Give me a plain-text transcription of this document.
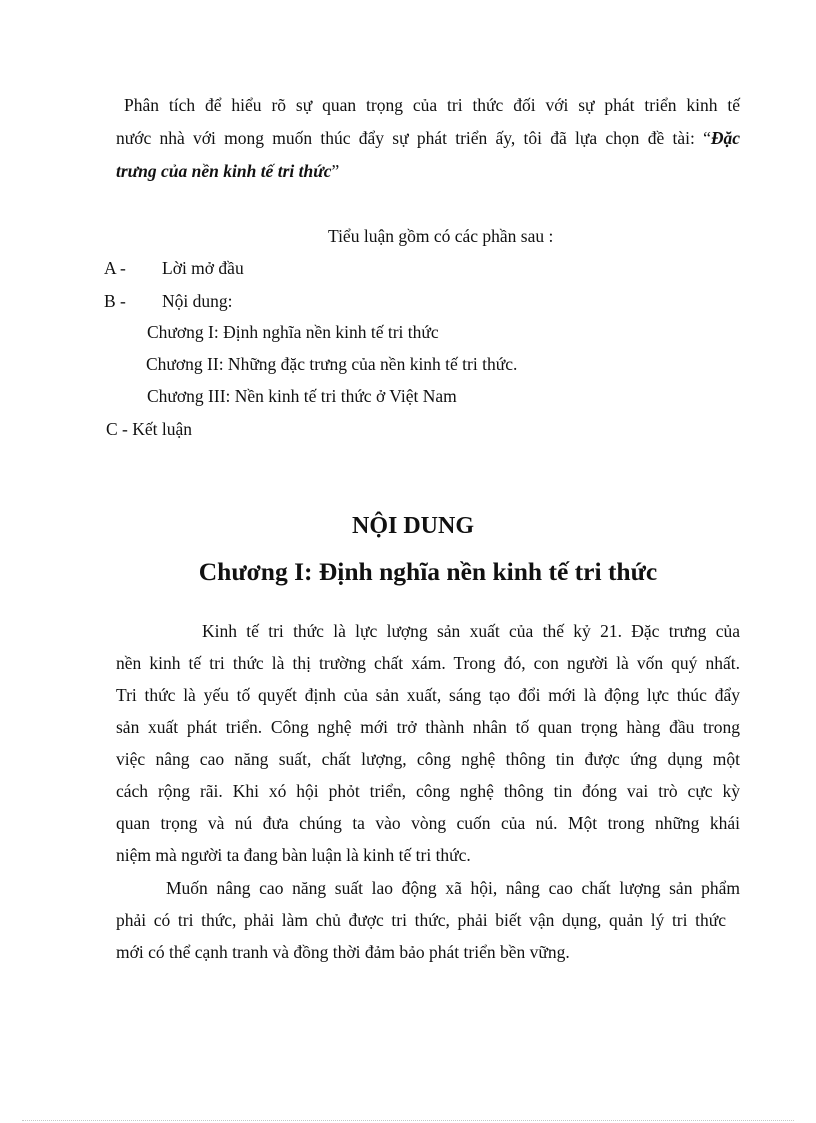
Phân tích để hiểu rõ sự quan trọng của tri thức đối với sự phát triển kinh tế
nước nhà với mong muốn thúc đẩy sự phát triển ấy, tôi đã lựa chọn đề tài: “Đặc
trưng của nền kinh tế tri thức”
Tiểu luận gồm có các phần sau :
A - Lời mở đầu
B - Nội dung:
Chương I: Định nghĩa nền kinh tế tri thức
Chương II: Những đặc trưng của nền kinh tế tri thức.
Chương III: Nền kinh tế tri thức ở Việt Nam
C - Kết luận
NỘI DUNG
Chương I: Định nghĩa nền kinh tế tri thức
Kinh tế tri thức là lực lượng sản xuất của thế kỷ 21. Đặc trưng của
nền kinh tế tri thức là thị trường chất xám. Trong đó, con người là vốn quý nhất.
Tri thức là yếu tố quyết định của sản xuất, sáng tạo đổi mới là động lực thúc đẩy
sản xuất phát triển. Công nghệ mới trở thành nhân tố quan trọng hàng đầu trong
việc nâng cao năng suất, chất lượng, công nghệ thông tin được ứng dụng một
cách rộng rãi. Khi xó hội phỏt triển, công nghệ thông tin đóng vai trò cực kỳ
quan trọng và nú đưa chúng ta vào vòng cuốn của nú. Một trong những khái
niệm mà người ta đang bàn luận là kinh tế tri thức.
Muốn nâng cao năng suất lao động xã hội, nâng cao chất lượng sản phẩm
phải có tri thức, phải làm chủ được tri thức, phải biết vận dụng, quản lý tri thức
mới có thể cạnh tranh và đồng thời đảm bảo phát triển bền vững.
